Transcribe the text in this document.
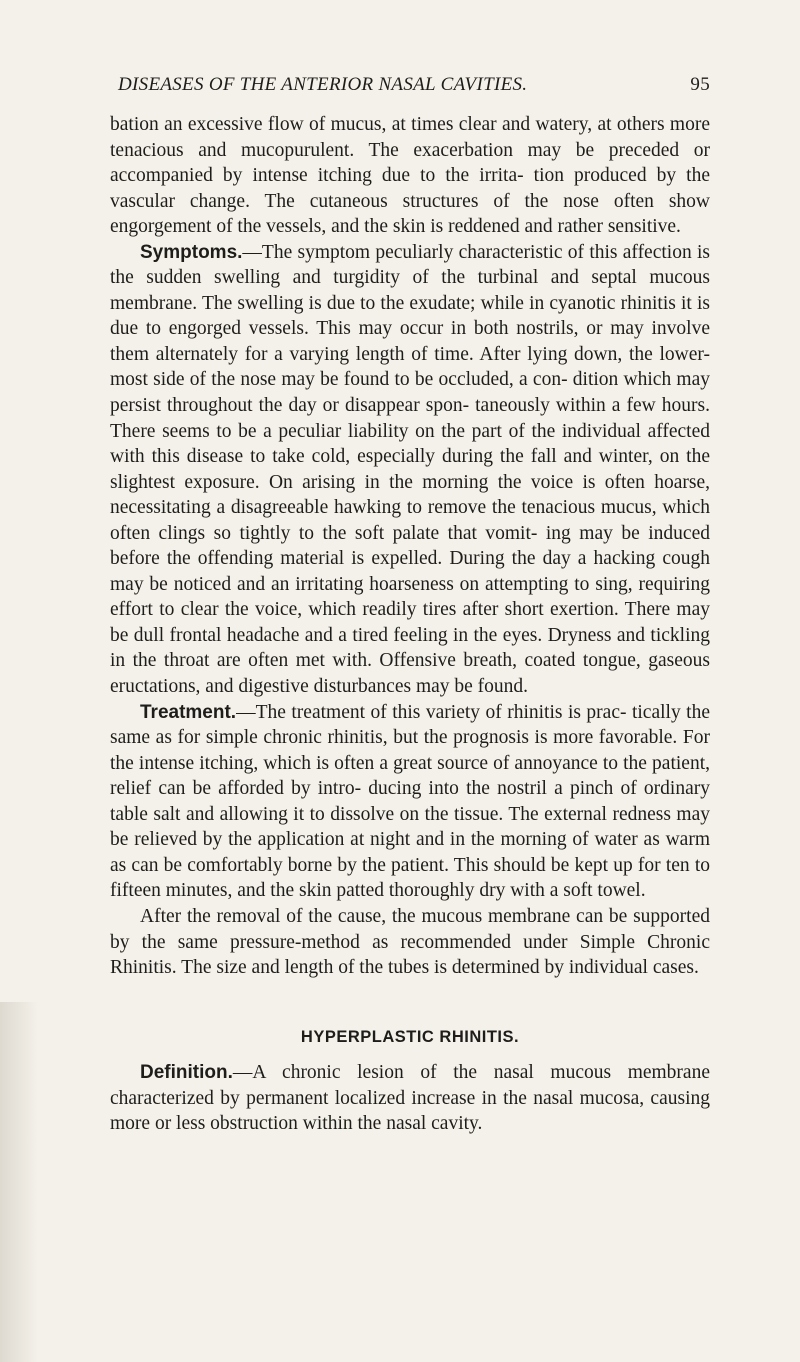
DISEASES OF THE ANTERIOR NASAL CAVITIES.	95

bation an excessive flow of mucus, at times clear and watery, at others more tenacious and mucopurulent. The exacerbation may be preceded or accompanied by intense itching due to the irrita- tion produced by the vascular change. The cutaneous structures of the nose often show engorgement of the vessels, and the skin is reddened and rather sensitive.

Symptoms.—The symptom peculiarly characteristic of this affection is the sudden swelling and turgidity of the turbinal and septal mucous membrane. The swelling is due to the exudate; while in cyanotic rhinitis it is due to engorged vessels. This may occur in both nostrils, or may involve them alternately for a varying length of time. After lying down, the lower- most side of the nose may be found to be occluded, a con- dition which may persist throughout the day or disappear spon- taneously within a few hours. There seems to be a peculiar liability on the part of the individual affected with this disease to take cold, especially during the fall and winter, on the slightest exposure. On arising in the morning the voice is often hoarse, necessitating a disagreeable hawking to remove the tenacious mucus, which often clings so tightly to the soft palate that vomit- ing may be induced before the offending material is expelled. During the day a hacking cough may be noticed and an irritating hoarseness on attempting to sing, requiring effort to clear the voice, which readily tires after short exertion. There may be dull frontal headache and a tired feeling in the eyes. Dryness and tickling in the throat are often met with. Offensive breath, coated tongue, gaseous eructations, and digestive disturbances may be found.

Treatment.—The treatment of this variety of rhinitis is prac- tically the same as for simple chronic rhinitis, but the prognosis is more favorable. For the intense itching, which is often a great source of annoyance to the patient, relief can be afforded by intro- ducing into the nostril a pinch of ordinary table salt and allowing it to dissolve on the tissue. The external redness may be relieved by the application at night and in the morning of water as warm as can be comfortably borne by the patient. This should be kept up for ten to fifteen minutes, and the skin patted thoroughly dry with a soft towel.

After the removal of the cause, the mucous membrane can be supported by the same pressure-method as recommended under Simple Chronic Rhinitis. The size and length of the tubes is determined by individual cases.

HYPERPLASTIC RHINITIS.

Definition.—A chronic lesion of the nasal mucous membrane characterized by permanent localized increase in the nasal mucosa, causing more or less obstruction within the nasal cavity.
